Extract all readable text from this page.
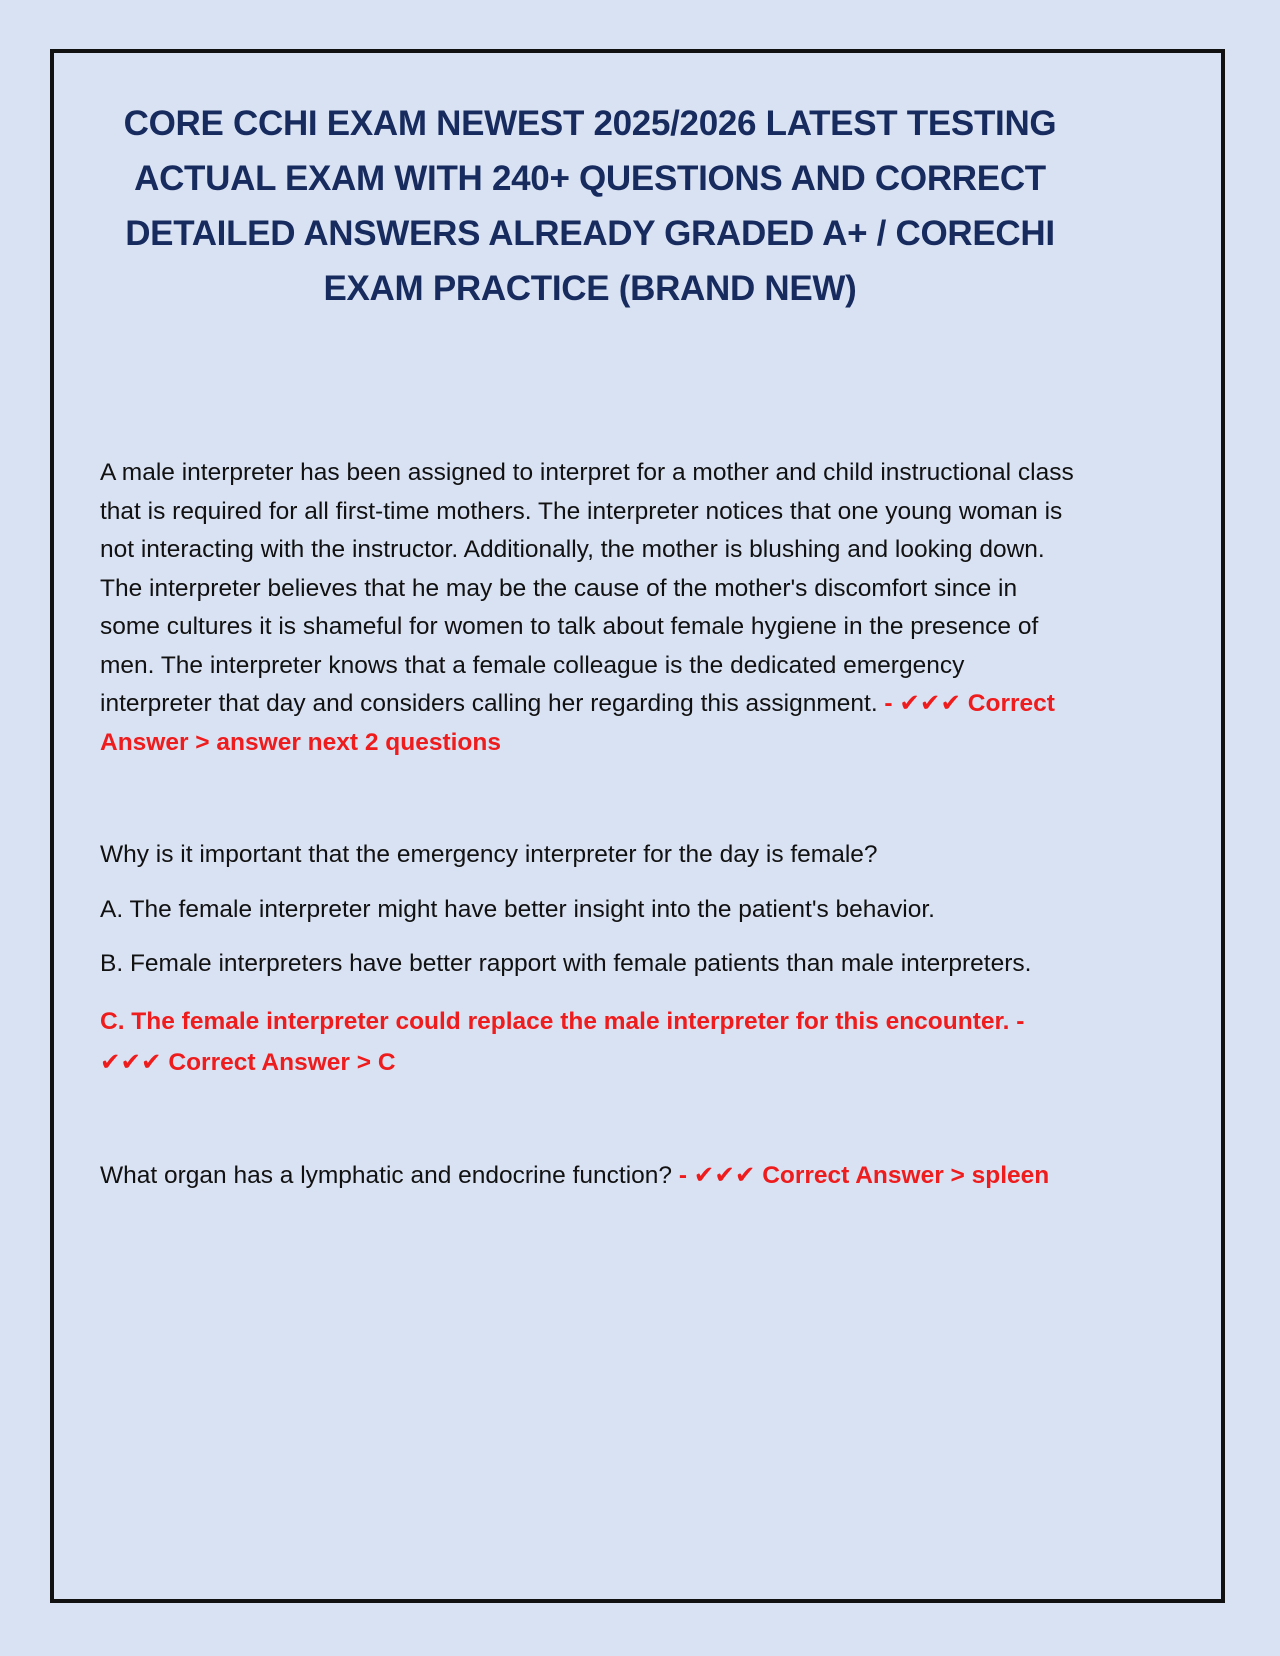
CORE CCHI EXAM NEWEST 2025/2026 LATEST TESTING ACTUAL EXAM WITH 240+ QUESTIONS AND CORRECT DETAILED ANSWERS ALREADY GRADED A+ / CORECHI EXAM PRACTICE (BRAND NEW)

A male interpreter has been assigned to interpret for a mother and child instructional class that is required for all first-time mothers. The interpreter notices that one young woman is not interacting with the instructor. Additionally, the mother is blushing and looking down. The interpreter believes that he may be the cause of the mother's discomfort since in some cultures it is shameful for women to talk about female hygiene in the presence of men. The interpreter knows that a female colleague is the dedicated emergency interpreter that day and considers calling her regarding this assignment. - ✔✔✔ Correct Answer > answer next 2 questions

Why is it important that the emergency interpreter for the day is female?

A. The female interpreter might have better insight into the patient's behavior.

B. Female interpreters have better rapport with female patients than male interpreters.

C. The female interpreter could replace the male interpreter for this encounter. - ✔✔✔ Correct Answer > C

What organ has a lymphatic and endocrine function? - ✔✔✔ Correct Answer > spleen
